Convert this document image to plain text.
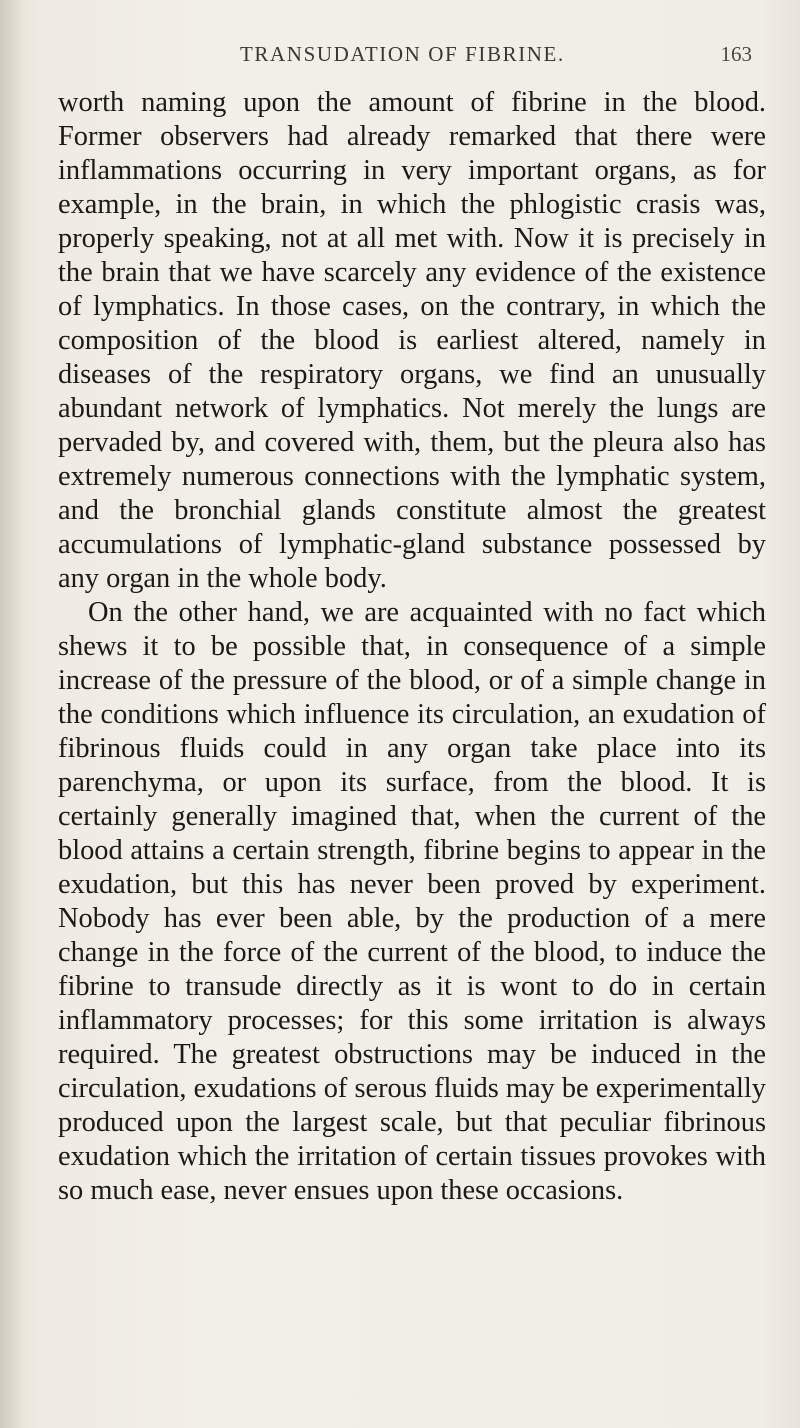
TRANSUDATION OF FIBRINE.	163

worth naming upon the amount of fibrine in the blood. Former observers had already remarked that there were inflammations occurring in very important organs, as for example, in the brain, in which the phlogistic crasis was, properly speaking, not at all met with. Now it is precisely in the brain that we have scarcely any evidence of the existence of lymphatics. In those cases, on the contrary, in which the composition of the blood is earliest altered, namely in diseases of the respiratory organs, we find an unusually abundant network of lymphatics. Not merely the lungs are pervaded by, and covered with, them, but the pleura also has extremely numerous connections with the lymphatic system, and the bronchial glands constitute almost the greatest accumulations of lymphatic-gland substance possessed by any organ in the whole body.

On the other hand, we are acquainted with no fact which shews it to be possible that, in consequence of a simple increase of the pressure of the blood, or of a simple change in the conditions which influence its circulation, an exudation of fibrinous fluids could in any organ take place into its parenchyma, or upon its surface, from the blood. It is certainly generally imagined that, when the current of the blood attains a certain strength, fibrine begins to appear in the exudation, but this has never been proved by experiment. Nobody has ever been able, by the production of a mere change in the force of the current of the blood, to induce the fibrine to transude directly as it is wont to do in certain inflammatory processes; for this some irritation is always required. The greatest obstructions may be induced in the circulation, exudations of serous fluids may be experimentally produced upon the largest scale, but that peculiar fibrinous exudation which the irritation of certain tissues provokes with so much ease, never ensues upon these occasions.
